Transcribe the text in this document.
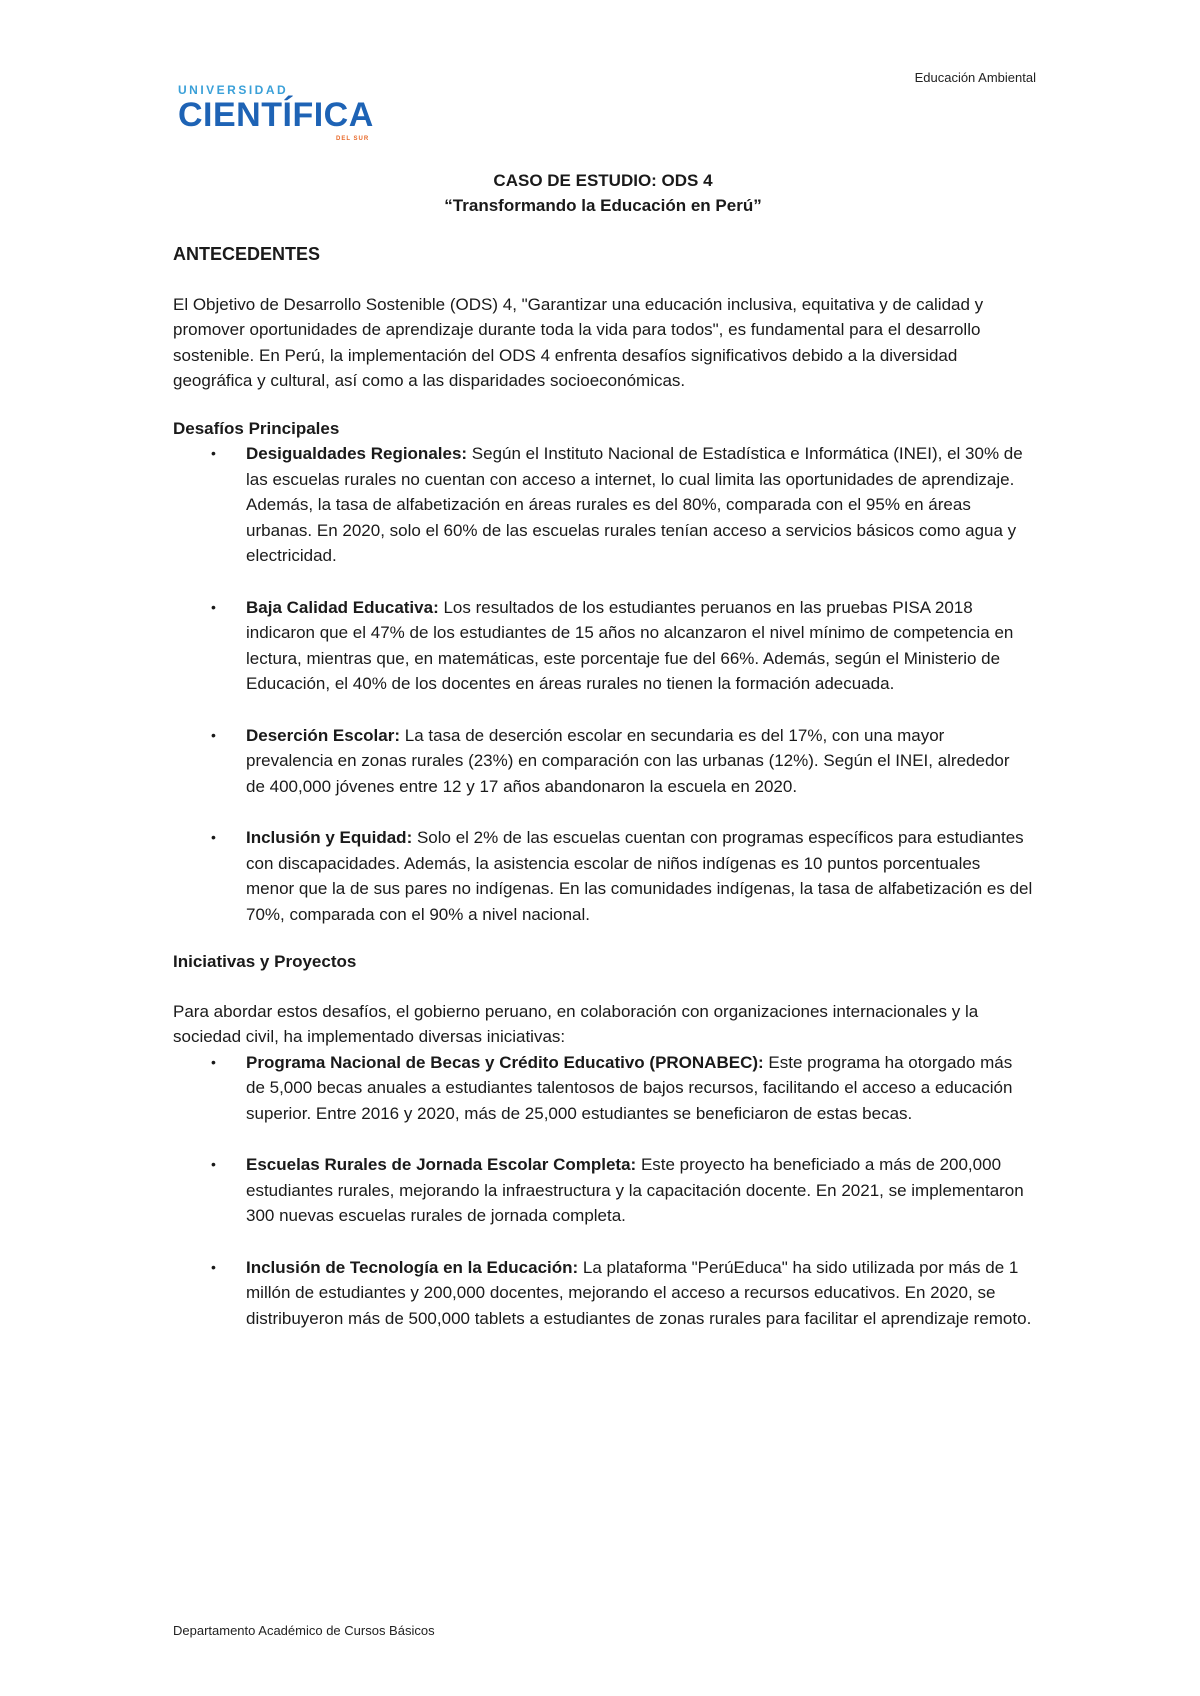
Educación Ambiental
UNIVERSIDAD
CIENTÍFICA
DEL SUR
CASO DE ESTUDIO: ODS 4
“Transformando la Educación en Perú”
ANTECEDENTES

El Objetivo de Desarrollo Sostenible (ODS) 4, "Garantizar una educación inclusiva, equitativa y de calidad y promover oportunidades de aprendizaje durante toda la vida para todos", es fundamental para el desarrollo sostenible. En Perú, la implementación del ODS 4 enfrenta desafíos significativos debido a la diversidad geográfica y cultural, así como a las disparidades socioeconómicas.

Desafíos Principales
• Desigualdades Regionales: Según el Instituto Nacional de Estadística e Informática (INEI), el 30% de las escuelas rurales no cuentan con acceso a internet, lo cual limita las oportunidades de aprendizaje. Además, la tasa de alfabetización en áreas rurales es del 80%, comparada con el 95% en áreas urbanas. En 2020, solo el 60% de las escuelas rurales tenían acceso a servicios básicos como agua y electricidad.
• Baja Calidad Educativa: Los resultados de los estudiantes peruanos en las pruebas PISA 2018 indicaron que el 47% de los estudiantes de 15 años no alcanzaron el nivel mínimo de competencia en lectura, mientras que, en matemáticas, este porcentaje fue del 66%. Además, según el Ministerio de Educación, el 40% de los docentes en áreas rurales no tienen la formación adecuada.
• Deserción Escolar: La tasa de deserción escolar en secundaria es del 17%, con una mayor prevalencia en zonas rurales (23%) en comparación con las urbanas (12%). Según el INEI, alrededor de 400,000 jóvenes entre 12 y 17 años abandonaron la escuela en 2020.
• Inclusión y Equidad: Solo el 2% de las escuelas cuentan con programas específicos para estudiantes con discapacidades. Además, la asistencia escolar de niños indígenas es 10 puntos porcentuales menor que la de sus pares no indígenas. En las comunidades indígenas, la tasa de alfabetización es del 70%, comparada con el 90% a nivel nacional.
Iniciativas y Proyectos

Para abordar estos desafíos, el gobierno peruano, en colaboración con organizaciones internacionales y la sociedad civil, ha implementado diversas iniciativas:

• Programa Nacional de Becas y Crédito Educativo (PRONABEC): Este programa ha otorgado más de 5,000 becas anuales a estudiantes talentosos de bajos recursos, facilitando el acceso a educación superior. Entre 2016 y 2020, más de 25,000 estudiantes se beneficiaron de estas becas.
• Escuelas Rurales de Jornada Escolar Completa: Este proyecto ha beneficiado a más de 200,000 estudiantes rurales, mejorando la infraestructura y la capacitación docente. En 2021, se implementaron 300 nuevas escuelas rurales de jornada completa.
• Inclusión de Tecnología en la Educación: La plataforma "PerúEduca" ha sido utilizada por más de 1 millón de estudiantes y 200,000 docentes, mejorando el acceso a recursos educativos. En 2020, se distribuyeron más de 500,000 tablets a estudiantes de zonas rurales para facilitar el aprendizaje remoto.
Departamento Académico de Cursos Básicos
